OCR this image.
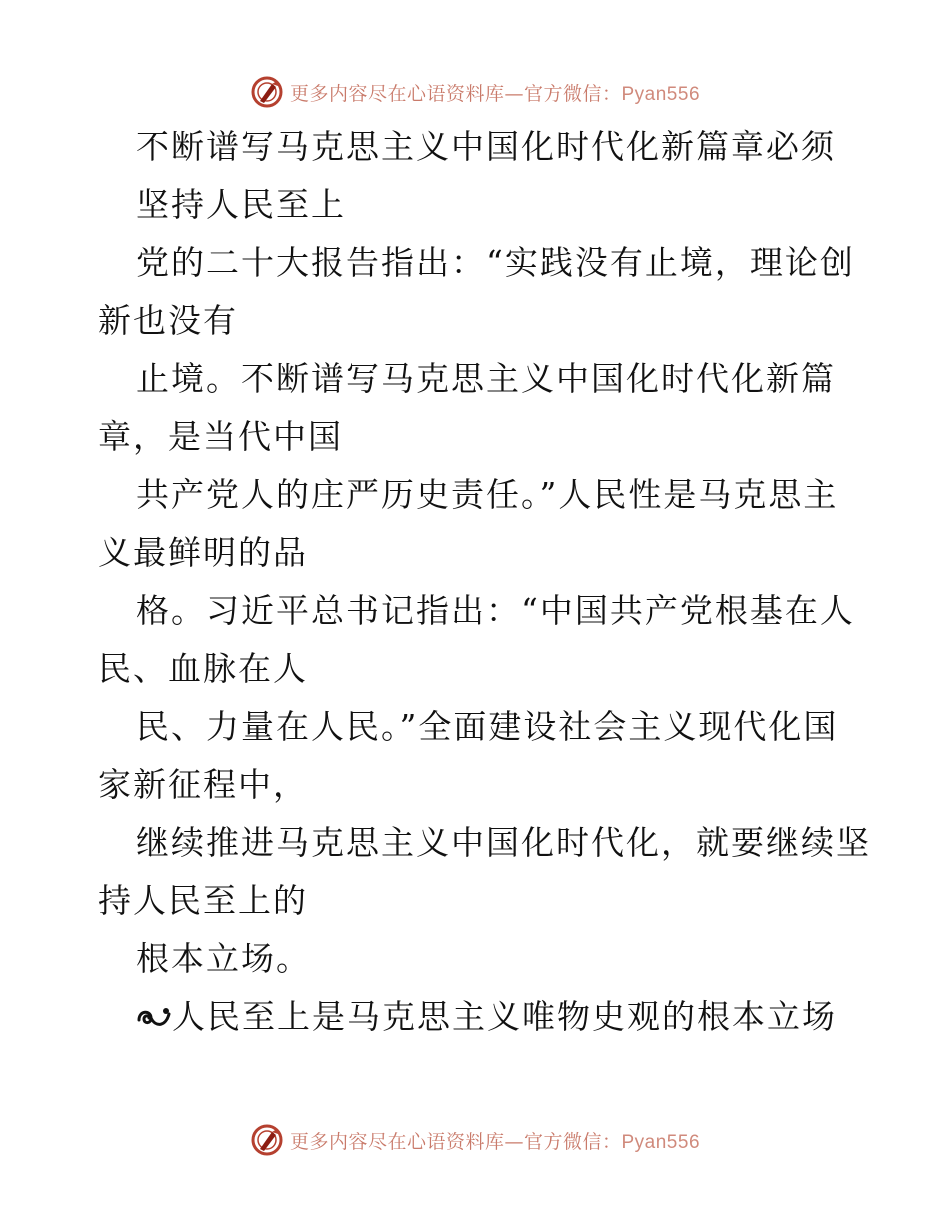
更多内容尽在心语资料库—官方微信：Pyan556
不断谱写马克思主义中国化时代化新篇章必须
坚持人民至上
党的二十大报告指出：“实践没有止境，理论创
新也没有
止境。不断谱写马克思主义中国化时代化新篇
章，是当代中国
共产党人的庄严历史责任。”人民性是马克思主
义最鲜明的品
格。习近平总书记指出：“中国共产党根基在人
民、血脉在人
民、力量在人民。”全面建设社会主义现代化国
家新征程中，
继续推进马克思主义中国化时代化，就要继续坚
持人民至上的
根本立场。
人民至上是马克思主义唯物史观的根本立场
更多内容尽在心语资料库—官方微信：Pyan556
